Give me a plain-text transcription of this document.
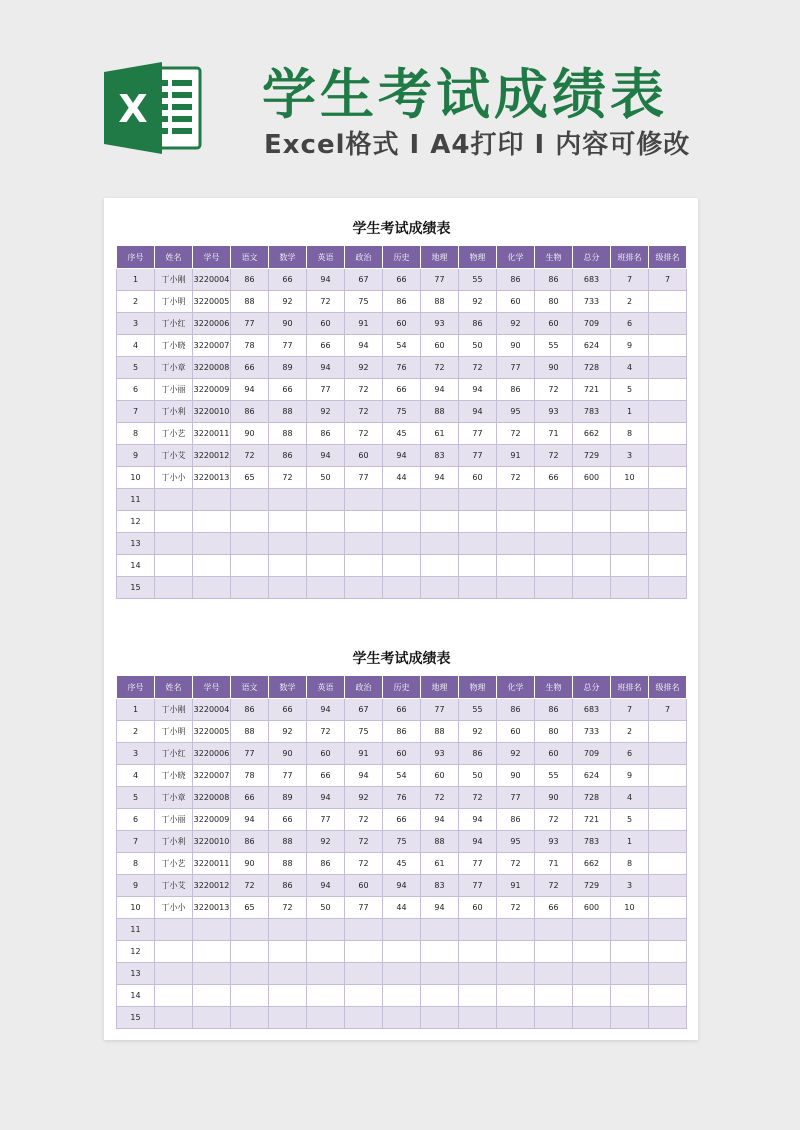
X 学生考试成绩表
Excel格式 I A4打印 I 内容可修改
学生考试成绩表
序号	姓名	学号	语文	数学	英语	政治	历史	地理	物理	化学	生物	总分	班排名	级排名
1	丁小刚	3220004	86	66	94	67	66	77	55	86	86	683	7	7
2	丁小明	3220005	88	92	72	75	86	88	92	60	80	733	2	
3	丁小红	3220006	77	90	60	91	60	93	86	92	60	709	6	
4	丁小晓	3220007	78	77	66	94	54	60	50	90	55	624	9	
5	丁小章	3220008	66	89	94	92	76	72	72	77	90	728	4	
6	丁小丽	3220009	94	66	77	72	66	94	94	86	72	721	5	
7	丁小利	3220010	86	88	92	72	75	88	94	95	93	783	1	
8	丁小艺	3220011	90	88	86	72	45	61	77	72	71	662	8	
9	丁小艾	3220012	72	86	94	60	94	83	77	91	72	729	3	
10	丁小小	3220013	65	72	50	77	44	94	60	72	66	600	10	
11														
12														
13														
14														
15														
学生考试成绩表
序号	姓名	学号	语文	数学	英语	政治	历史	地理	物理	化学	生物	总分	班排名	级排名
1	丁小刚	3220004	86	66	94	67	66	77	55	86	86	683	7	7
2	丁小明	3220005	88	92	72	75	86	88	92	60	80	733	2	
3	丁小红	3220006	77	90	60	91	60	93	86	92	60	709	6	
4	丁小晓	3220007	78	77	66	94	54	60	50	90	55	624	9	
5	丁小章	3220008	66	89	94	92	76	72	72	77	90	728	4	
6	丁小丽	3220009	94	66	77	72	66	94	94	86	72	721	5	
7	丁小利	3220010	86	88	92	72	75	88	94	95	93	783	1	
8	丁小艺	3220011	90	88	86	72	45	61	77	72	71	662	8	
9	丁小艾	3220012	72	86	94	60	94	83	77	91	72	729	3	
10	丁小小	3220013	65	72	50	77	44	94	60	72	66	600	10	
11														
12														
13														
14														
15														
